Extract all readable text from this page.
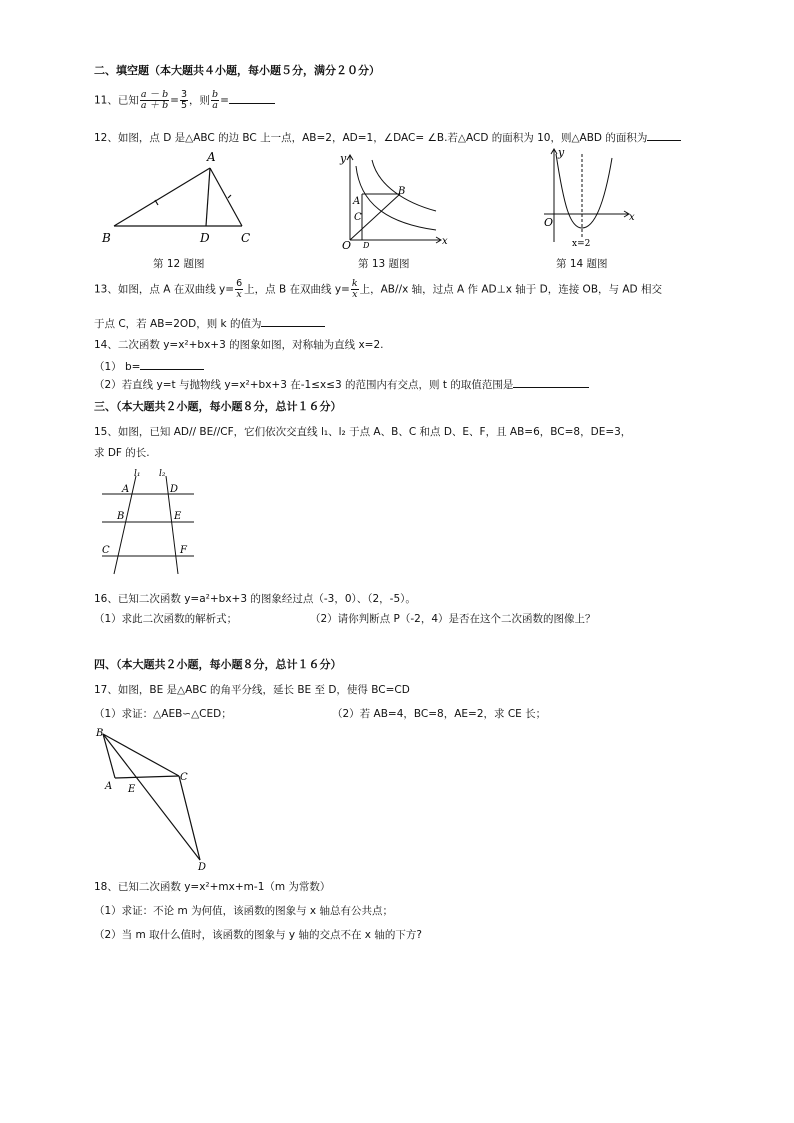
二、填空题（本大题共４小题，每小题５分，满分２０分）
11、已知 $\frac{a - b}{a + b} = \frac{3}{5}$ ，则 $\frac{b}{a}$ =
12、如图，点 D 是△ABC 的边 BC 上一点，AB=2，AD=1，∠DAC= ∠B.若△ACD 的面积为 10，则△ABD 的面积为
A
B	D	C
y
x
O
A
B
C
D
y
x
O
x=2
第 12 题图	第 13 题图	第 14 题图
13、如图，点 A 在双曲线 $y= \frac{6}{x}$ 上，点 B 在双曲线 $y= \frac{k}{x}$ 上，AB//x 轴，过点 A 作 AD⊥x 轴于 D，连接 OB，与 AD 相交
于点 C，若 AB=2OD，则 k 的值为
14、二次函数 y=x²+bx+3 的图象如图，对称轴为直线 x=2.
（1） b=
（2）若直线 y=t 与抛物线 y=x²+bx+3 在-1≤x≤3 的范围内有交点，则 t 的取值范围是
三、（本大题共２小题，每小题８分，总计１６分）
15、如图，已知 AD// BE//CF，它们依次交直线 l₁、l₂ 于点 A、B、C 和点 D、E、F，且 AB=6，BC=8，DE=3，
求 DF 的长.
l₁ l₂
A	D
B	E
C	F
16、已知二次函数 y=a²+bx+3 的图象经过点（-3，0）、（2，-5）。
（1）求此二次函数的解析式；	（2）请你判断点 P（-2，4）是否在这个二次函数的图像上？
四、（本大题共２小题，每小题８分，总计１６分）
17、如图，BE 是△ABC 的角平分线，延长 BE 至 D，使得 BC=CD
（1）求证：△AEB∽△CED；	（2）若 AB=4，BC=8，AE=2，求 CE 长；
B
A E
C
D
18、已知二次函数 y=x²+mx+m-1（m 为常数）
（1）求证：不论 m 为何值，该函数的图象与 x 轴总有公共点；
（2）当 m 取什么值时，该函数的图象与 y 轴的交点不在 x 轴的下方?
